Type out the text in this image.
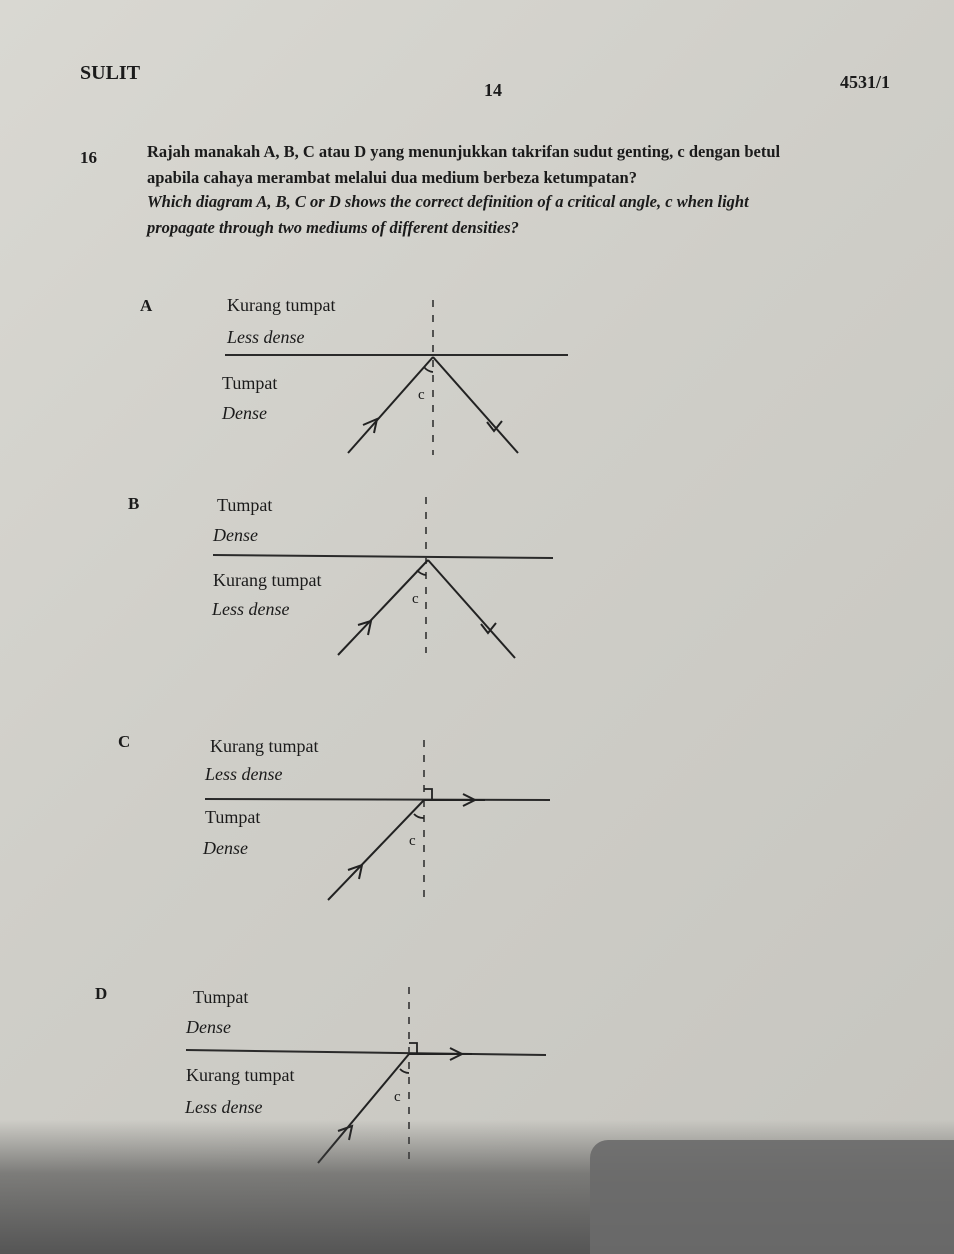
SULIT
14	4531/1
16	Rajah manakah A, B, C atau D yang menunjukkan takrifan sudut genting, c dengan betul
apabila cahaya merambat melalui dua medium berbeza ketumpatan?
Which diagram A, B, C or D shows the correct definition of a critical angle, c when light
propagate through two mediums of different densities?
A	Kurang tumpat
Less dense
Tumpat
Dense
c
B	Tumpat
Dense
Kurang tumpat
Less dense	c
C	Kurang tumpat
Less dense
Tumpat
Dense	c
D	Tumpat
Dense
Kurang tumpat
Less dense	c
